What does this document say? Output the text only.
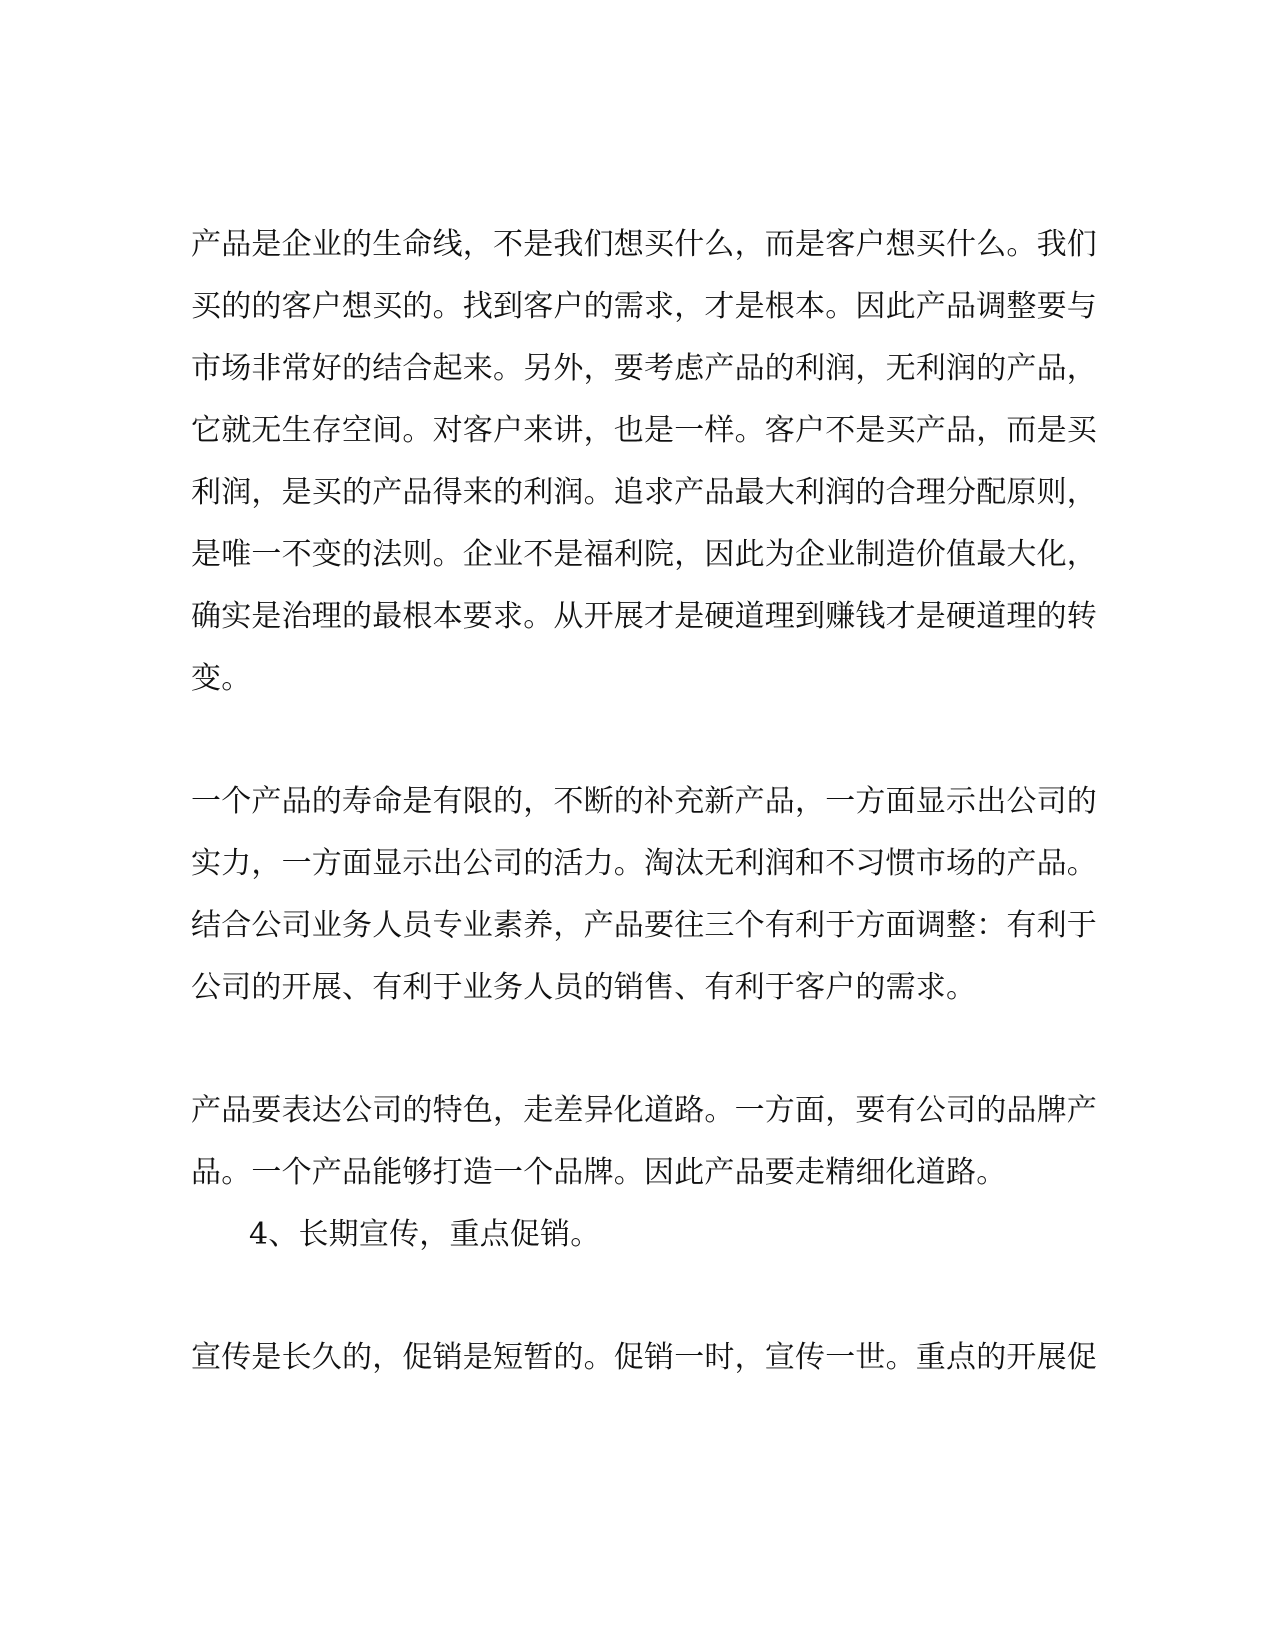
产品是企业的生命线，不是我们想买什么，而是客户想买什么。我们
买的的客户想买的。找到客户的需求，才是根本。因此产品调整要与
市场非常好的结合起来。另外，要考虑产品的利润，无利润的产品，
它就无生存空间。对客户来讲，也是一样。客户不是买产品，而是买
利润，是买的产品得来的利润。追求产品最大利润的合理分配原则，
是唯一不变的法则。企业不是福利院，因此为企业制造价值最大化，
确实是治理的最根本要求。从开展才是硬道理到赚钱才是硬道理的转
变。
一个产品的寿命是有限的，不断的补充新产品，一方面显示出公司的
实力，一方面显示出公司的活力。淘汰无利润和不习惯市场的产品。
结合公司业务人员专业素养，产品要往三个有利于方面调整：有利于
公司的开展、有利于业务人员的销售、有利于客户的需求。
产品要表达公司的特色，走差异化道路。一方面，要有公司的品牌产
品。一个产品能够打造一个品牌。因此产品要走精细化道路。
4、长期宣传，重点促销。
宣传是长久的，促销是短暂的。促销一时，宣传一世。重点的开展促
